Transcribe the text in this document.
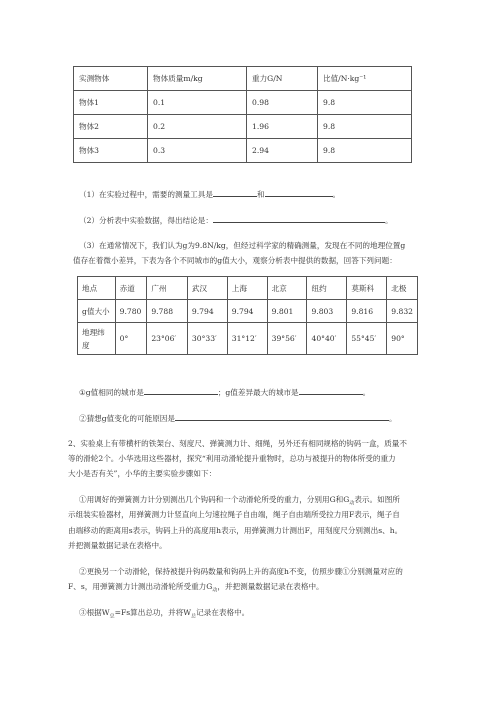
实测物体	物体质量m/kg	重力G/N	比值/N·kg⁻¹
物体1	0.1	0.98	9.8
物体2	0.2	1.96	9.8
物体3	0.3	2.94	9.8
（1）在实验过程中，需要的测量工具是	和	。
（2）分析表中实验数据，得出结论是：	。
（3）在通常情况下，我们认为g为9.8N/kg，但经过科学家的精确测量，发现在不同的地理位置g
值存在着微小差异，下表为各个不同城市的g值大小，观察分析表中提供的数据，回答下列问题：
地点	赤道	广州	武汉	上海	北京	纽约	莫斯科	北极
g值大小	9.780	9.788	9.794	9.794	9.801	9.803	9.816	9.832
地理纬
度	0°	23°06′	30°33′	31°12′	39°56′	40°40′	55°45′	90°
①g值相同的城市是	；g值差异最大的城市是	。
②猜想g值变化的可能原因是	。
2、实验桌上有带横杆的铁架台、刻度尺、弹簧测力计、细绳，另外还有相同规格的钩码一盒，质量不
等的滑轮2个。小华选用这些器材，探究“利用动滑轮提升重物时，总功与被提升的物体所受的重力
大小是否有关”，小华的主要实验步骤如下：
①用调好的弹簧测力计分别测出几个钩码和一个动滑轮所受的重力，分别用G和$G_动$表示。如图所
示组装实验器材，用弹簧测力计竖直向上匀速拉绳子自由端，绳子自由端所受拉力用F表示，绳子自
由端移动的距离用s表示，钩码上升的高度用h表示，用弹簧测力计测出F，用刻度尺分别测出s、h。
并把测量数据记录在表格中。
②更换另一个动滑轮，保持被提升钩码数量和钩码上升的高度h不变，仿照步骤①分别测量对应的
F、s，用弹簧测力计测出动滑轮所受重力$G_动$，并把测量数据记录在表格中。
③根据$W_总=Fs$算出总功，并将$W_总$记录在表格中。
